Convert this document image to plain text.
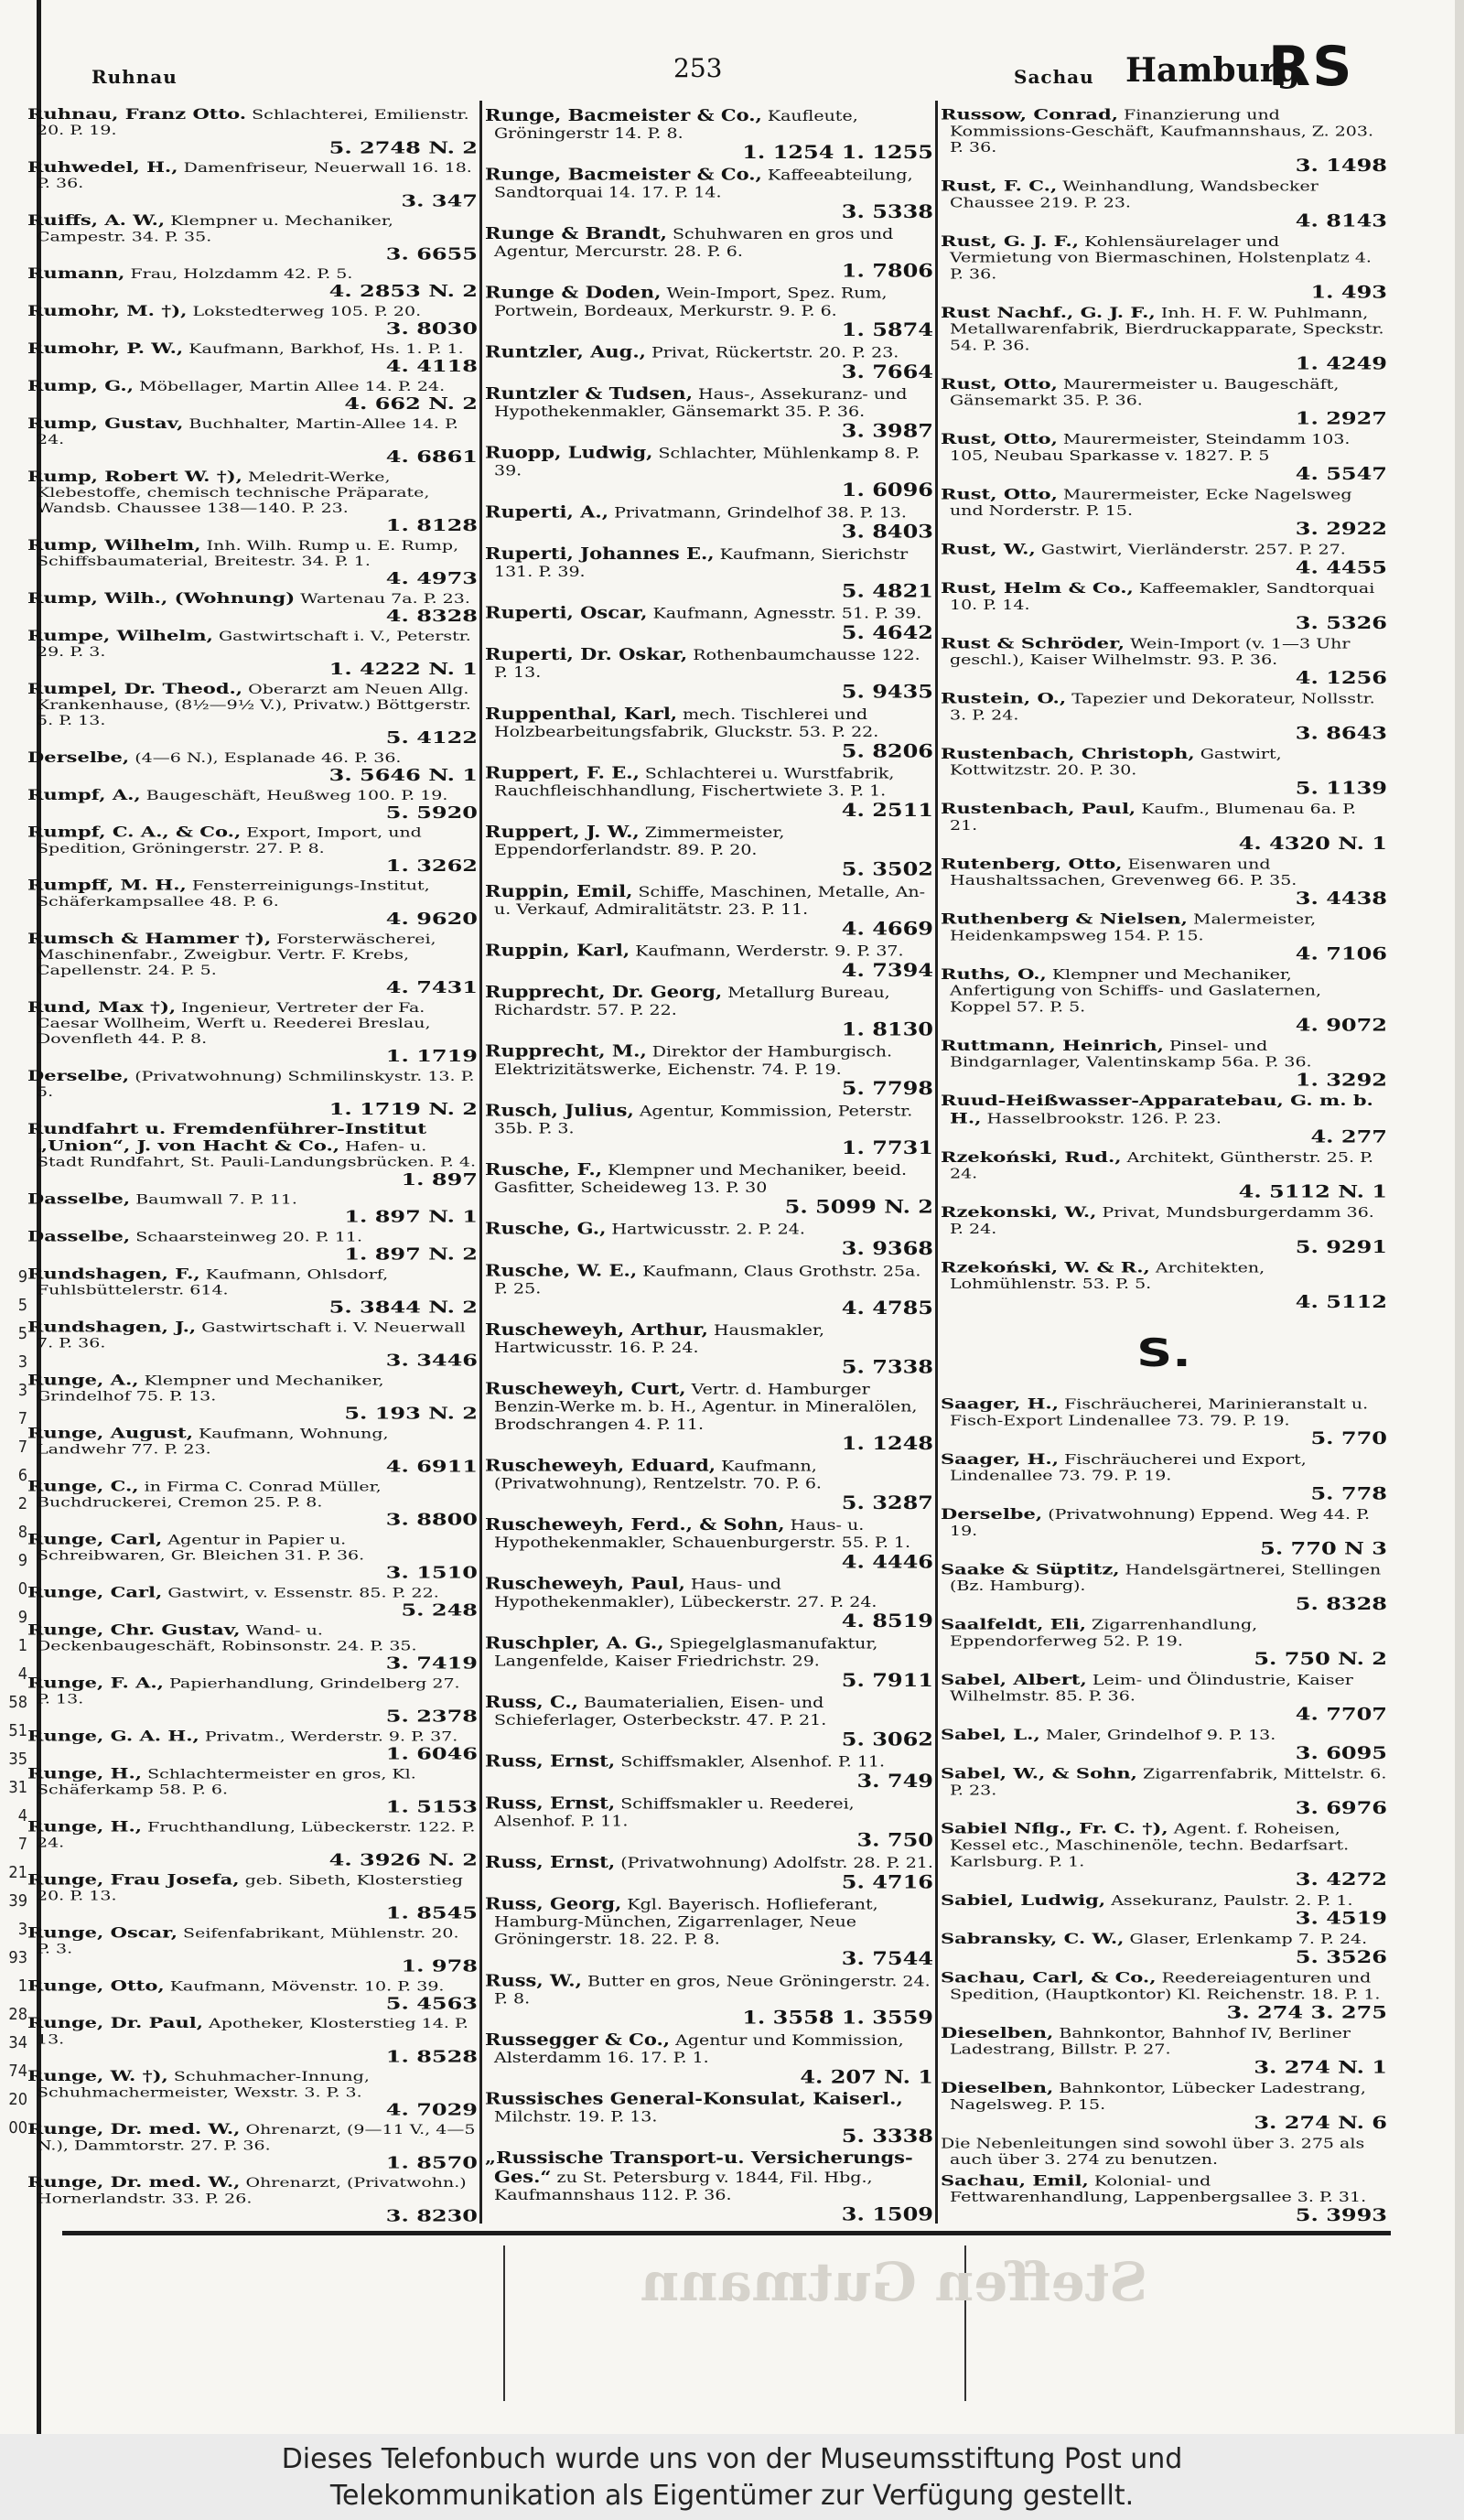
9
5
5
3
3
7
7
6
2
8
9
0
9
1
4
58
51
35
31
4
7
21
39
3
93
1
28
34
74
20
00
Ruhnau	253	Sachau Hamburg
RS
Ruhnau, Franz Otto. Schlachterei, Emilienstr. 20. P. 19.
5. 2748 N. 2
Ruhwedel, H., Damenfriseur, Neuerwall 16. 18. P. 36.
3. 347
Ruiffs, A. W., Klempner u. Mechaniker, Campestr. 34. P. 35.
3. 6655
Rumann, Frau, Holzdamm 42. P. 5.
4. 2853 N. 2
Rumohr, M. †), Lokstedterweg 105. P. 20.
3. 8030
Rumohr, P. W., Kaufmann, Barkhof, Hs. 1. P. 1.
4. 4118
Rump, G., Möbellager, Martin Allee 14. P. 24.
4. 662 N. 2
Rump, Gustav, Buchhalter, Martin-Allee 14. P. 24.
4. 6861
Rump, Robert W. †), Meledrit-Werke, Klebestoffe, chemisch technische Präparate, Wandsb. Chaussee 138—140. P. 23.
1. 8128
Rump, Wilhelm, Inh. Wilh. Rump u. E. Rump, Schiffsbaumaterial, Breitestr. 34. P. 1.
4. 4973
Rump, Wilh., (Wohnung) Wartenau 7a. P. 23.
4. 8328
Rumpe, Wilhelm, Gastwirtschaft i. V., Peterstr. 29. P. 3.
1. 4222 N. 1
Rumpel, Dr. Theod., Oberarzt am Neuen Allg. Krankenhause, (8½—9½ V.), Privatw.) Böttgerstr. 5. P. 13.
5. 4122
Derselbe, (4—6 N.), Esplanade 46. P. 36.
3. 5646 N. 1
Rumpf, A., Baugeschäft, Heußweg 100. P. 19.
5. 5920
Rumpf, C. A., & Co., Export, Import, und Spedition, Gröningerstr. 27. P. 8.
1. 3262
Rumpff, M. H., Fensterreinigungs-Institut, Schäferkampsallee 48. P. 6.
4. 9620
Rumsch & Hammer †), Forsterwäscherei, Maschinenfabr., Zweigbur. Vertr. F. Krebs, Capellenstr. 24. P. 5.
4. 7431
Rund, Max †), Ingenieur, Vertreter der Fa. Caesar Wollheim, Werft u. Reederei Breslau, Dovenfleth 44. P. 8.
1. 1719
Derselbe, (Privatwohnung) Schmilinskystr. 13. P. 5.
1. 1719 N. 2
Rundfahrt u. Fremdenführer-Institut „Union“, J. von Hacht & Co., Hafen- u. Stadt Rundfahrt, St. Pauli-Landungsbrücken. P. 4.
1. 897
Dasselbe, Baumwall 7. P. 11.
1. 897 N. 1
Dasselbe, Schaarsteinweg 20. P. 11.
1. 897 N. 2
Rundshagen, F., Kaufmann, Ohlsdorf, Fuhlsbüttelerstr. 614.
5. 3844 N. 2
Rundshagen, J., Gastwirtschaft i. V. Neuerwall 7. P. 36.
3. 3446
Runge, A., Klempner und Mechaniker, Grindelhof 75. P. 13.
5. 193 N. 2
Runge, August, Kaufmann, Wohnung, Landwehr 77. P. 23.
4. 6911
Runge, C., in Firma C. Conrad Müller, Buchdruckerei, Cremon 25. P. 8.
3. 8800
Runge, Carl, Agentur in Papier u. Schreibwaren, Gr. Bleichen 31. P. 36.
3. 1510
Runge, Carl, Gastwirt, v. Essenstr. 85. P. 22.
5. 248
Runge, Chr. Gustav, Wand- u. Deckenbaugeschäft, Robinsonstr. 24. P. 35.
3. 7419
Runge, F. A., Papierhandlung, Grindelberg 27. P. 13.
5. 2378
Runge, G. A. H., Privatm., Werderstr. 9. P. 37.
1. 6046
Runge, H., Schlachtermeister en gros, Kl. Schäferkamp 58. P. 6.
1. 5153
Runge, H., Fruchthandlung, Lübeckerstr. 122. P. 24.
4. 3926 N. 2
Runge, Frau Josefa, geb. Sibeth, Klosterstieg 20. P. 13.
1. 8545
Runge, Oscar, Seifenfabrikant, Mühlenstr. 20. P. 3.
1. 978
Runge, Otto, Kaufmann, Mövenstr. 10. P. 39.
5. 4563
Runge, Dr. Paul, Apotheker, Klosterstieg 14. P. 13.
1. 8528
Runge, W. †), Schuhmacher-Innung, Schuhmachermeister, Wexstr. 3. P. 3.
4. 7029
Runge, Dr. med. W., Ohrenarzt, (9—11 V., 4—5 N.), Dammtorstr. 27. P. 36.
1. 8570
Runge, Dr. med. W., Ohrenarzt, (Privatwohn.) Hornerlandstr. 33. P. 26.
3. 8230
Runge, Bacmeister & Co., Kaufleute, Gröningerstr 14. P. 8.
1. 1254 1. 1255
Runge, Bacmeister & Co., Kaffeeabteilung, Sandtorquai 14. 17. P. 14.
3. 5338
Runge & Brandt, Schuhwaren en gros und Agentur, Mercurstr. 28. P. 6.
1. 7806
Runge & Doden, Wein-Import, Spez. Rum, Portwein, Bordeaux, Merkurstr. 9. P. 6.
1. 5874
Runtzler, Aug., Privat, Rückertstr. 20. P. 23.
3. 7664
Runtzler & Tudsen, Haus-, Assekuranz- und Hypothekenmakler, Gänsemarkt 35. P. 36.
3. 3987
Ruopp, Ludwig, Schlachter, Mühlenkamp 8. P. 39.
1. 6096
Ruperti, A., Privatmann, Grindelhof 38. P. 13.
3. 8403
Ruperti, Johannes E., Kaufmann, Sierichstr 131. P. 39.
5. 4821
Ruperti, Oscar, Kaufmann, Agnesstr. 51. P. 39.
5. 4642
Ruperti, Dr. Oskar, Rothenbaumchausse 122. P. 13.
5. 9435
Ruppenthal, Karl, mech. Tischlerei und Holzbearbeitungsfabrik, Gluckstr. 53. P. 22.
5. 8206
Ruppert, F. E., Schlachterei u. Wurstfabrik, Rauchfleischhandlung, Fischertwiete 3. P. 1.
4. 2511
Ruppert, J. W., Zimmermeister, Eppendorferlandstr. 89. P. 20.
5. 3502
Ruppin, Emil, Schiffe, Maschinen, Metalle, An- u. Verkauf, Admiralitätstr. 23. P. 11.
4. 4669
Ruppin, Karl, Kaufmann, Werderstr. 9. P. 37.
4. 7394
Rupprecht, Dr. Georg, Metallurg Bureau, Richardstr. 57. P. 22.
1. 8130
Rupprecht, M., Direktor der Hamburgisch. Elektrizitätswerke, Eichenstr. 74. P. 19.
5. 7798
Rusch, Julius, Agentur, Kommission, Peterstr. 35b. P. 3.
1. 7731
Rusche, F., Klempner und Mechaniker, beeid. Gasfitter, Scheideweg 13. P. 30
5. 5099 N. 2
Rusche, G., Hartwicusstr. 2. P. 24.
3. 9368
Rusche, W. E., Kaufmann, Claus Grothstr. 25a. P. 25.
4. 4785
Ruscheweyh, Arthur, Hausmakler, Hartwicusstr. 16. P. 24.
5. 7338
Ruscheweyh, Curt, Vertr. d. Hamburger Benzin-Werke m. b. H., Agentur. in Mineralölen, Brodschrangen 4. P. 11.
1. 1248
Ruscheweyh, Eduard, Kaufmann, (Privatwohnung), Rentzelstr. 70. P. 6.
5. 3287
Ruscheweyh, Ferd., & Sohn, Haus- u. Hypothekenmakler, Schauenburgerstr. 55. P. 1.
4. 4446
Ruscheweyh, Paul, Haus- und Hypothekenmakler), Lübeckerstr. 27. P. 24.
4. 8519
Ruschpler, A. G., Spiegelglasmanufaktur, Langenfelde, Kaiser Friedrichstr. 29.
5. 7911
Russ, C., Baumaterialien, Eisen- und Schieferlager, Osterbeckstr. 47. P. 21.
5. 3062
Russ, Ernst, Schiffsmakler, Alsenhof. P. 11.
3. 749
Russ, Ernst, Schiffsmakler u. Reederei, Alsenhof. P. 11.
3. 750
Russ, Ernst, (Privatwohnung) Adolfstr. 28. P. 21.
5. 4716
Russ, Georg, Kgl. Bayerisch. Hoflieferant, Hamburg-München, Zigarrenlager, Neue Gröningerstr. 18. 22. P. 8.
3. 7544
Russ, W., Butter en gros, Neue Gröningerstr. 24. P. 8.
1. 3558 1. 3559
Russegger & Co., Agentur und Kommission, Alsterdamm 16. 17. P. 1.
4. 207 N. 1
Russisches General-Konsulat, Kaiserl., Milchstr. 19. P. 13.
5. 3338
„Russische Transport-u. Versicherungs-Ges.“ zu St. Petersburg v. 1844, Fil. Hbg., Kaufmannshaus 112. P. 36.
3. 1509
Russow, Conrad, Finanzierung und Kommissions-Geschäft, Kaufmannshaus, Z. 203. P. 36.
3. 1498
Rust, F. C., Weinhandlung, Wandsbecker Chaussee 219. P. 23.
4. 8143
Rust, G. J. F., Kohlensäurelager und Vermietung von Biermaschinen, Holstenplatz 4. P. 36.
1. 493
Rust Nachf., G. J. F., Inh. H. F. W. Puhlmann, Metallwarenfabrik, Bierdruckapparate, Speckstr. 54. P. 36.
1. 4249
Rust, Otto, Maurermeister u. Baugeschäft, Gänsemarkt 35. P. 36.
1. 2927
Rust, Otto, Maurermeister, Steindamm 103. 105, Neubau Sparkasse v. 1827. P. 5
4. 5547
Rust, Otto, Maurermeister, Ecke Nagelsweg und Norderstr. P. 15.
3. 2922
Rust, W., Gastwirt, Vierländerstr. 257. P. 27.
4. 4455
Rust, Helm & Co., Kaffeemakler, Sandtorquai 10. P. 14.
3. 5326
Rust & Schröder, Wein-Import (v. 1—3 Uhr geschl.), Kaiser Wilhelmstr. 93. P. 36.
4. 1256
Rustein, O., Tapezier und Dekorateur, Nollsstr. 3. P. 24.
3. 8643
Rustenbach, Christoph, Gastwirt, Kottwitzstr. 20. P. 30.
5. 1139
Rustenbach, Paul, Kaufm., Blumenau 6a. P. 21.
4. 4320 N. 1
Rutenberg, Otto, Eisenwaren und Haushaltssachen, Grevenweg 66. P. 35.
3. 4438
Ruthenberg & Nielsen, Malermeister, Heidenkampsweg 154. P. 15.
4. 7106
Ruths, O., Klempner und Mechaniker, Anfertigung von Schiffs- und Gaslaternen, Koppel 57. P. 5.
4. 9072
Ruttmann, Heinrich, Pinsel- und Bindgarnlager, Valentinskamp 56a. P. 36.
1. 3292
Ruud-Heißwasser-Apparatebau, G. m. b. H., Hasselbrookstr. 126. P. 23.
4. 277
Rzekoński, Rud., Architekt, Güntherstr. 25. P. 24.
4. 5112 N. 1
Rzekonski, W., Privat, Mundsburgerdamm 36. P. 24.
5. 9291
Rzekoński, W. & R., Architekten, Lohmühlenstr. 53. P. 5.
4. 5112
S.
Saager, H., Fischräucherei, Marinieranstalt u. Fisch-Export Lindenallee 73. 79. P. 19.
5. 770
Saager, H., Fischräucherei und Export, Lindenallee 73. 79. P. 19.
5. 778
Derselbe, (Privatwohnung) Eppend. Weg 44. P. 19.
5. 770 N 3
Saake & Süptitz, Handelsgärtnerei, Stellingen (Bz. Hamburg).
5. 8328
Saalfeldt, Eli, Zigarrenhandlung, Eppendorferweg 52. P. 19.
5. 750 N. 2
Sabel, Albert, Leim- und Ölindustrie, Kaiser Wilhelmstr. 85. P. 36.
4. 7707
Sabel, L., Maler, Grindelhof 9. P. 13.
3. 6095
Sabel, W., & Sohn, Zigarrenfabrik, Mittelstr. 6. P. 23.
3. 6976
Sabiel Nflg., Fr. C. †), Agent. f. Roheisen, Kessel etc., Maschinenöle, techn. Bedarfsart. Karlsburg. P. 1.
3. 4272
Sabiel, Ludwig, Assekuranz, Paulstr. 2. P. 1.
3. 4519
Sabransky, C. W., Glaser, Erlenkamp 7. P. 24.
5. 3526
Sachau, Carl, & Co., Reedereiagenturen und Spedition, (Hauptkontor) Kl. Reichenstr. 18. P. 1.
3. 274 3. 275
Dieselben, Bahnkontor, Bahnhof IV, Berliner Ladestrang, Billstr. P. 27.
3. 274 N. 1
Dieselben, Bahnkontor, Lübecker Ladestrang, Nagelsweg. P. 15.
3. 274 N. 6
Die Nebenleitungen sind sowohl über 3. 275 als auch über 3. 274 zu benutzen.
Sachau, Emil, Kolonial- und Fettwarenhandlung, Lappenbergsallee 3. P. 31.
5. 3993
Steffen Gutmann
Dieses Telefonbuch wurde uns von der Museumsstiftung Post und
Telekommunikation als Eigentümer zur Verfügung gestellt.
